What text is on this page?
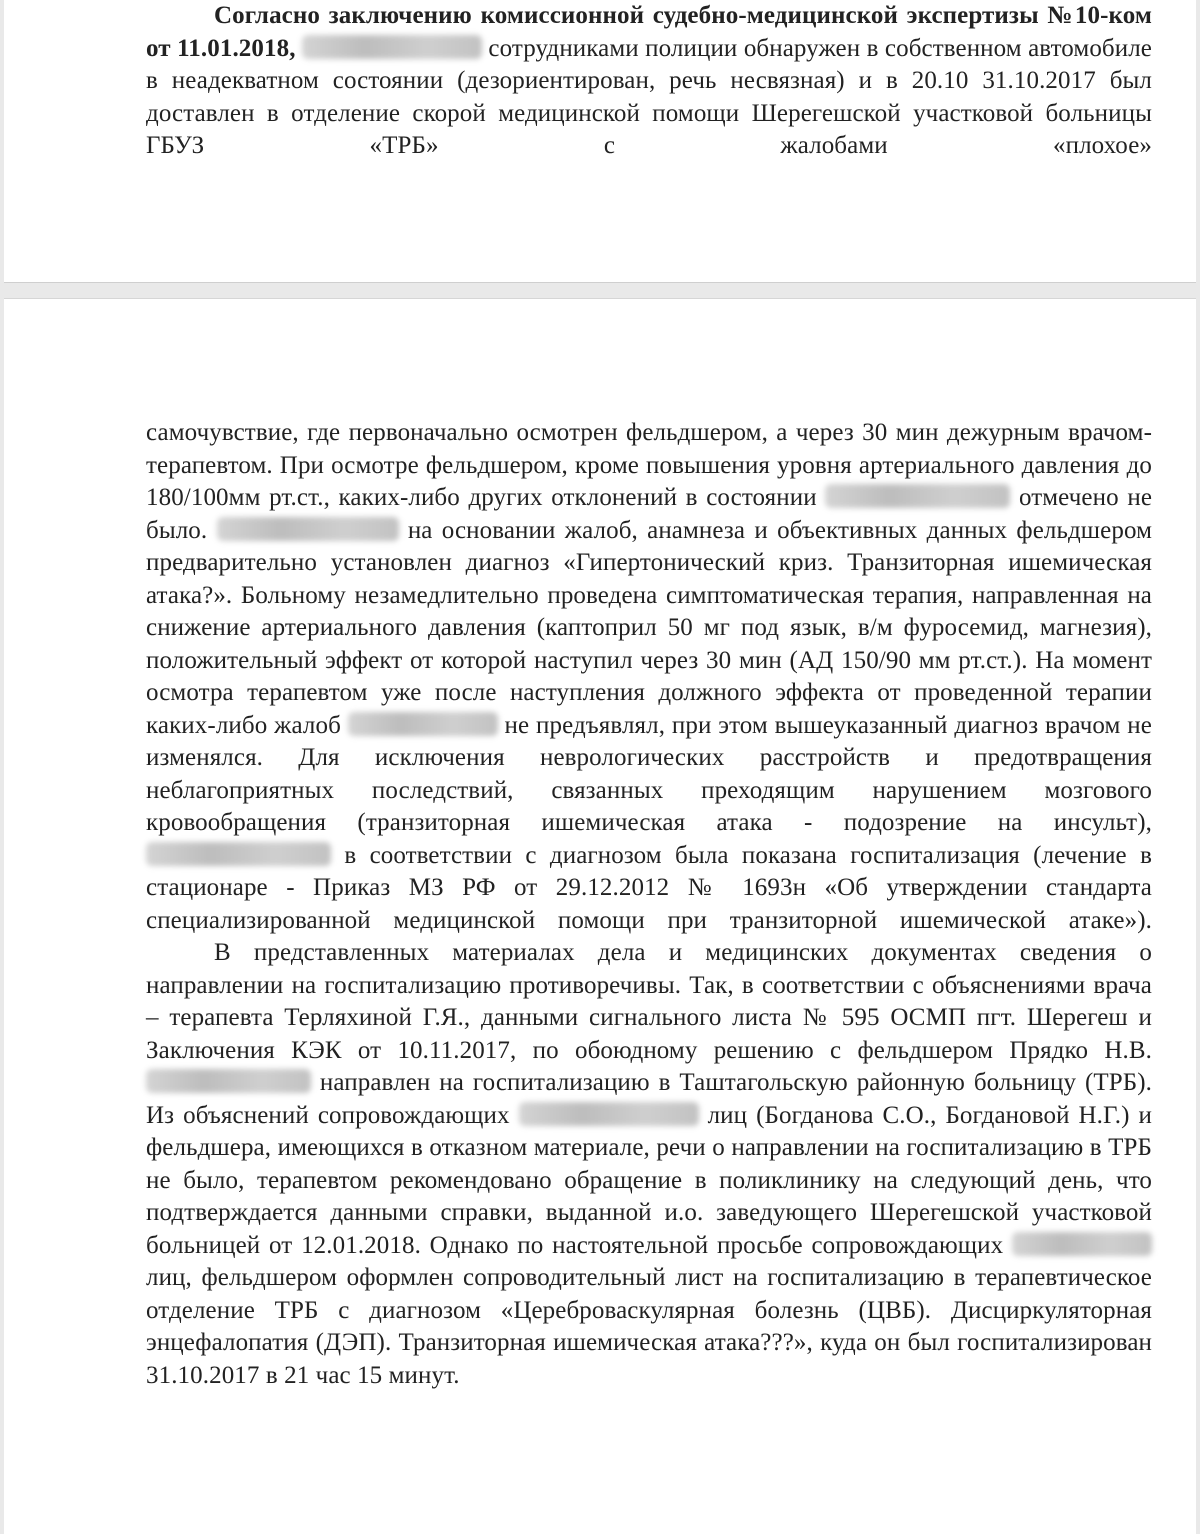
Согласно заключению комиссионной судебно-медицинской экспертизы №10-ком от 11.01.2018,	сотрудниками полиции обнаружен в собственном автомобиле в неадекватном состоянии (дезориентирован, речь несвязная) и в 20.10 31.10.2017 был доставлен в отделение скорой медицинской помощи Шерегешской участковой больницы ГБУЗ «ТРБ» с жалобами «плохое»

самочувствие, где первоначально осмотрен фельдшером, а через 30 мин дежурным врачом-терапевтом. При осмотре фельдшером, кроме повышения уровня артериального давления до 180/100мм рт.ст., каких-либо других отклонений в состоянии	отмечено не было.	на основании жалоб, анамнеза и объективных данных фельдшером предварительно установлен диагноз «Гипертонический криз. Транзиторная ишемическая атака?». Больному незамедлительно проведена симптоматическая терапия, направленная на снижение артериального давления (каптоприл 50 мг под язык, в/м фуросемид, магнезия), положительный эффект от которой наступил через 30 мин (АД 150/90 мм рт.ст.). На момент осмотра терапевтом уже после наступления должного эффекта от проведенной терапии каких-либо жалоб	не предъявлял, при этом вышеуказанный диагноз врачом не изменялся. Для исключения неврологических расстройств и предотвращения неблагоприятных последствий, связанных преходящим нарушением мозгового кровообращения (транзиторная ишемическая атака - подозрение на инсульт),  в соответствии с диагнозом была показана госпитализация (лечение в стационаре - Приказ МЗ РФ от 29.12.2012 № 1693н «Об утверждении стандарта специализированной медицинской помощи при транзиторной ишемической атаке»).

В представленных материалах дела и медицинских документах сведения о направлении на госпитализацию противоречивы. Так, в соответствии с объяснениями врача – терапевта Терляхиной Г.Я., данными сигнального листа № 595 ОСМП пгт. Шерегеш и Заключения КЭК от 10.11.2017, по обоюдному решению с фельдшером Прядко Н.В.  направлен на госпитализацию в Таштагольскую районную больницу (ТРБ). Из объяснений сопровождающих	лиц (Богданова С.О., Богдановой Н.Г.) и фельдшера, имеющихся в отказном материале, речи о направлении на госпитализацию в ТРБ не было, терапевтом рекомендовано обращение в поликлинику на следующий день, что подтверждается данными справки, выданной и.о. заведующего Шерегешской участковой больницей от 12.01.2018. Однако по настоятельной просьбе сопровождающих  лиц, фельдшером оформлен сопроводительный лист на госпитализацию в терапевтическое отделение ТРБ с диагнозом «Цереброваскулярная болезнь (ЦВБ). Дисциркуляторная энцефалопатия (ДЭП). Транзиторная ишемическая атака???», куда он был госпитализирован 31.10.2017 в 21 час 15 минут.
